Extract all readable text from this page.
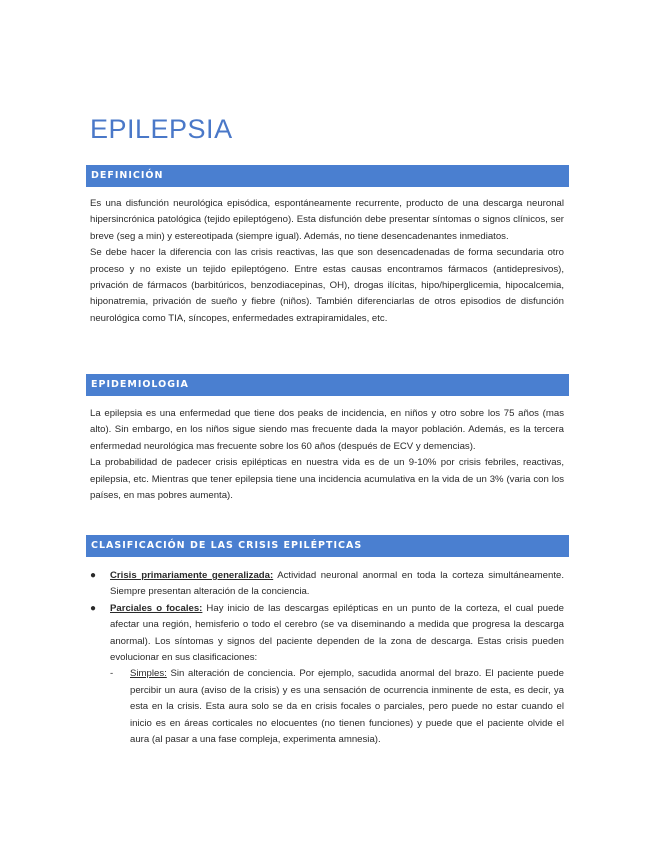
EPILEPSIA
DEFINICIÓN

Es una disfunción neurológica episódica, espontáneamente recurrente, producto de una descarga neuronal hipersincrónica patológica (tejido epileptógeno). Esta disfunción debe presentar síntomas o signos clínicos, ser breve (seg a min) y estereotipada (siempre igual). Además, no tiene desencadenantes inmediatos.

Se debe hacer la diferencia con las crisis reactivas, las que son desencadenadas de forma secundaria otro proceso y no existe un tejido epileptógeno. Entre estas causas encontramos fármacos (antidepresivos), privación de fármacos (barbitúricos, benzodiacepinas, OH), drogas ilícitas, hipo/hiperglicemia, hipocalcemia, hiponatremia, privación de sueño y fiebre (niños). También diferenciarlas de otros episodios de disfunción neurológica como TIA, síncopes, enfermedades extrapiramidales, etc.

EPIDEMIOLOGIA

La epilepsia es una enfermedad que tiene dos peaks de incidencia, en niños y otro sobre los 75 años (mas alto). Sin embargo, en los niños sigue siendo mas frecuente dada la mayor población. Además, es la tercera enfermedad neurológica mas frecuente sobre los 60 años (después de ECV y demencias).

La probabilidad de padecer crisis epilépticas en nuestra vida es de un 9-10% por crisis febriles, reactivas, epilepsia, etc. Mientras que tener epilepsia tiene una incidencia acumulativa en la vida de un 3% (varia con los países, en mas pobres aumenta).

CLASIFICACIÓN DE LAS CRISIS EPILÉPTICAS
● Crisis primariamente generalizada: Actividad neuronal anormal en toda la corteza simultáneamente. Siempre presentan alteración de la conciencia.
● Parciales o focales: Hay inicio de las descargas epilépticas en un punto de la corteza, el cual puede afectar una región, hemisferio o todo el cerebro (se va diseminando a medida que progresa la descarga anormal). Los síntomas y signos del paciente dependen de la zona de descarga. Estas crisis pueden evolucionar en sus clasificaciones:
- Simples: Sin alteración de conciencia. Por ejemplo, sacudida anormal del brazo. El paciente puede percibir un aura (aviso de la crisis) y es una sensación de ocurrencia inminente de esta, es decir, ya esta en la crisis. Esta aura solo se da en crisis focales o parciales, pero puede no estar cuando el inicio es en áreas corticales no elocuentes (no tienen funciones) y puede que el paciente olvide el aura (al pasar a una fase compleja, experimenta amnesia).
